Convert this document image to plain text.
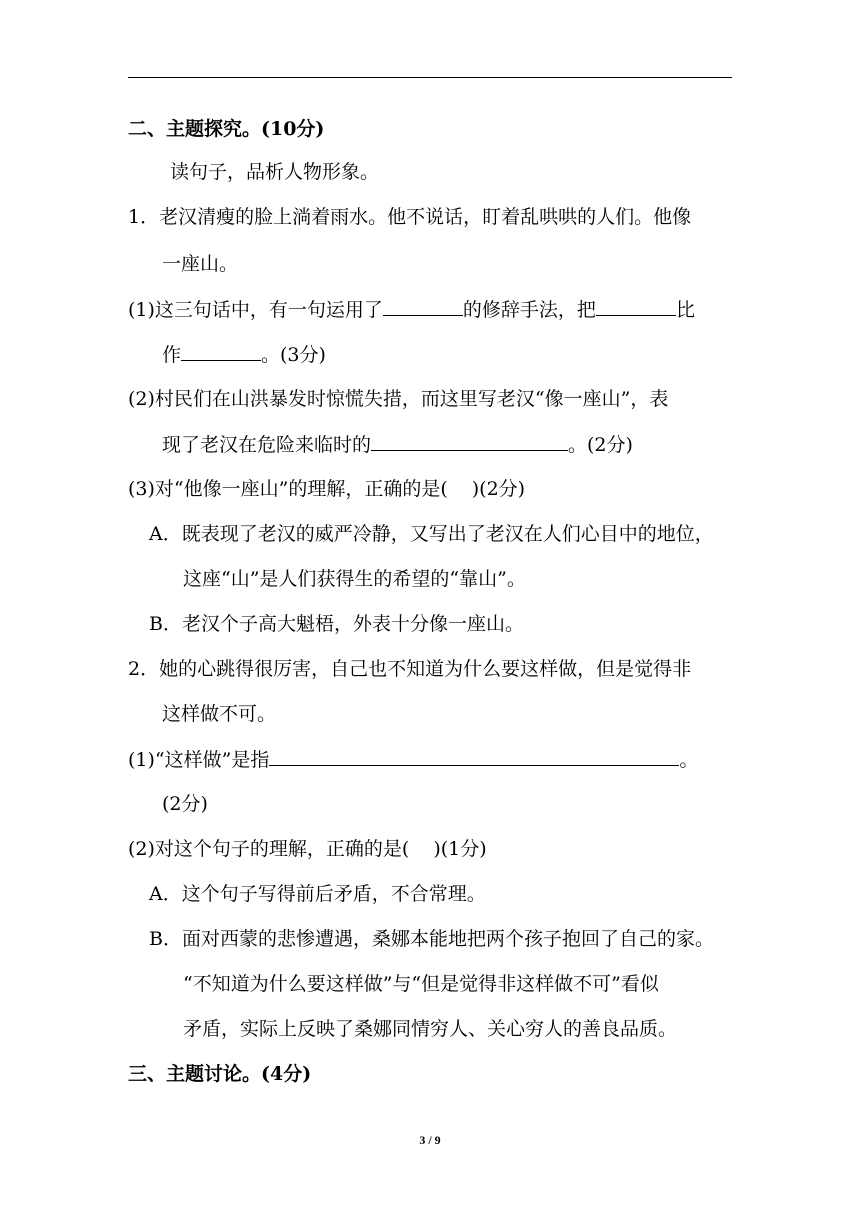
二、主题探究。(10分)
读句子，品析人物形象。
1．老汉清瘦的脸上淌着雨水。他不说话，盯着乱哄哄的人们。他像
一座山。
(1)这三句话中，有一句运用了	的修辞手法，把	比
作	。(3分)
(2)村民们在山洪暴发时惊慌失措，而这里写老汉“像一座山”，表
现了老汉在危险来临时的	。(2分)
(3)对“他像一座山”的理解，正确的是( )(2分)
A．既表现了老汉的威严冷静，又写出了老汉在人们心目中的地位，
这座“山”是人们获得生的希望的“靠山”。
B．老汉个子高大魁梧，外表十分像一座山。
2．她的心跳得很厉害，自己也不知道为什么要这样做，但是觉得非
这样做不可。
(1)“这样做”是指	。
(2分)
(2)对这个句子的理解，正确的是( )(1分)
A．这个句子写得前后矛盾，不合常理。
B．面对西蒙的悲惨遭遇，桑娜本能地把两个孩子抱回了自己的家。
“不知道为什么要这样做”与“但是觉得非这样做不可”看似
矛盾，实际上反映了桑娜同情穷人、关心穷人的善良品质。
三、主题讨论。(4分)
3 / 9
